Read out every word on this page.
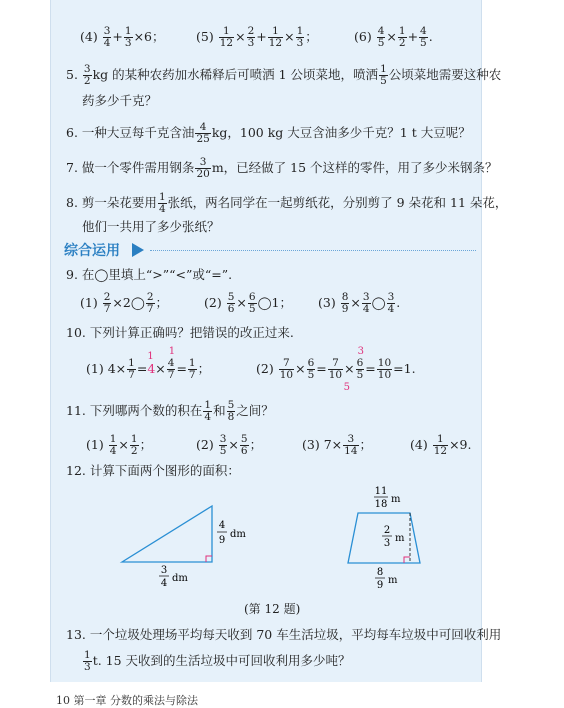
$(4) \frac{3}{4} + \frac{1}{3} \times 6$；	$(5) \frac{1}{12} \times \frac{2}{3} + \frac{1}{12} \times \frac{1}{3}$ ；	$(6) \frac{4}{5} \times \frac{1}{2} + \frac{4}{5}$ .
5. $\frac{3}{2}$ kg 的某种农药加水稀释后可喷洒 1 公顷菜地，喷洒 $\frac{1}{5}$ 公顷菜地需要这种农
药多少千克？
6. 一种大豆每千克含油 $\frac{4}{25}$ kg，100 kg 大豆含油多少千克？1 t 大豆呢？
7. 做一个零件需用钢条 $\frac{3}{20}$ m，已经做了 15 个这样的零件，用了多少米钢条？
8. 剪一朵花要用 $\frac{1}{4}$ 张纸，两名同学在一起剪纸花，分别剪了 9 朵花和 11 朵花，
他们一共用了多少张纸？
综合运用
9. 在◯里填上“>”“<”或“=”.
$(1) \frac{2}{7}$ ×2◯ $\frac{2}{7}$ ；	$(2) \frac{5}{6} \times \frac{6}{5}$ ◯1； $(3) \frac{8}{9} \times \frac{3}{4}$ ◯ $\frac{3}{4}$ .
10. 下列计算正确吗？把错误的改正过来.
(1) $4\times \frac{1}{7} =4$
1
× 4
7
1
= $\frac{1}{7}$ ；	$(2) \frac{7}{10} \times \frac{6}{5} = \frac{7}{10} \times 6$
5
3
5
= $\frac{10}{10} =1$.
11. 下列哪两个数的积在 $\frac{1}{4}$ 和 $\frac{5}{8}$ 之间？
$(1) \frac{1}{4} \times \frac{1}{2}$ ；	$(2) \frac{3}{5} \times \frac{5}{6}$ ；	(3) $7\times \frac{3}{14}$ ；	$(4) \frac{1}{12} \times 9$.
12. 计算下面两个图形的面积：
4
9
dm
3
4 dm
11
18 m
2
3 m
8
9 m
(第 12 题)
13. 一个垃圾处理场平均每天收到 70 车生活垃圾，平均每车垃圾中可回收利用
$\frac{1}{3} t$. 15 天收到的生活垃圾中可回收利用多少吨？
10 第一章 分数的乘法与除法
